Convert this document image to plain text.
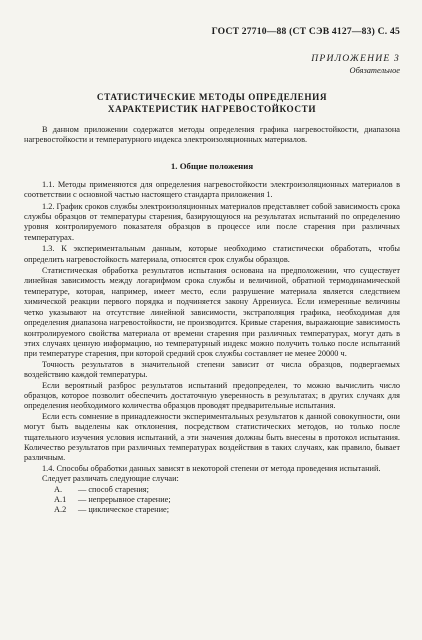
ГОСТ 27710—88 (СТ СЭВ 4127—83) С. 45
ПРИЛОЖЕНИЕ 3
Обязательное
СТАТИСТИЧЕСКИЕ МЕТОДЫ ОПРЕДЕЛЕНИЯ
ХАРАКТЕРИСТИК НАГРЕВОСТОЙКОСТИ

В данном приложении содержатся методы определения графика нагревостойкости, диапазона нагревостойкости и температурного индекса электроизоляционных материалов.

1. Общие положения

1.1. Методы применяются для определения нагревостойкости электроизоляционных материалов в соответствии с основной частью настоящего стандарта приложения 1.

1.2. График сроков службы электроизоляционных материалов представляет собой зависимость срока службы образцов от температуры старения, базирующуюся на результатах испытаний по определению уровня контролируемого показателя образцов в процессе или после старения при различных температурах.

1.3. К экспериментальным данным, которые необходимо статистически обработать, чтобы определить нагревостойкость материала, относятся срок службы образцов.

Статистическая обработка результатов испытания основана на предположении, что существует линейная зависимость между логарифмом срока службы и величиной, обратной термодинамической температуре, которая, например, имеет место, если разрушение материала является следствием химической реакции первого порядка и подчиняется закону Аррениуса. Если измеренные величины четко указывают на отсутствие линейной зависимости, экстраполяция графика, необходимая для определения диапазона нагревостойкости, не производится. Кривые старения, выражающие зависимость контролируемого свойства материала от времени старения при различных температурах, могут дать в этих случаях ценную информацию, но температурный индекс можно получить только после испытаний при температуре старения, при которой средний срок службы составляет не менее 20000 ч.

Точность результатов в значительной степени зависит от числа образцов, подвергаемых воздействию каждой температуры.

Если вероятный разброс результатов испытаний предопределен, то можно вычислить число образцов, которое позволит обеспечить достаточную уверенность в результатах; в других случаях для определения необходимого количества образцов проводят предварительные испытания.

Если есть сомнение в принадлежности экспериментальных результатов к данной совокупности, они могут быть выделены как отклонения, посредством статистических методов, но только после тщательного изучения условия испытаний, а эти значения должны быть внесены в протокол испытания. Количество результатов при различных температурах воздействия в таких случаях, как правило, бывает различным.

1.4. Способы обработки данных зависят в некоторой степени от метода проведения испытаний.

Следует различать следующие случаи:

А.	— способ старения;
А.1	— непрерывное старение;
А.2	— циклическое старение;
